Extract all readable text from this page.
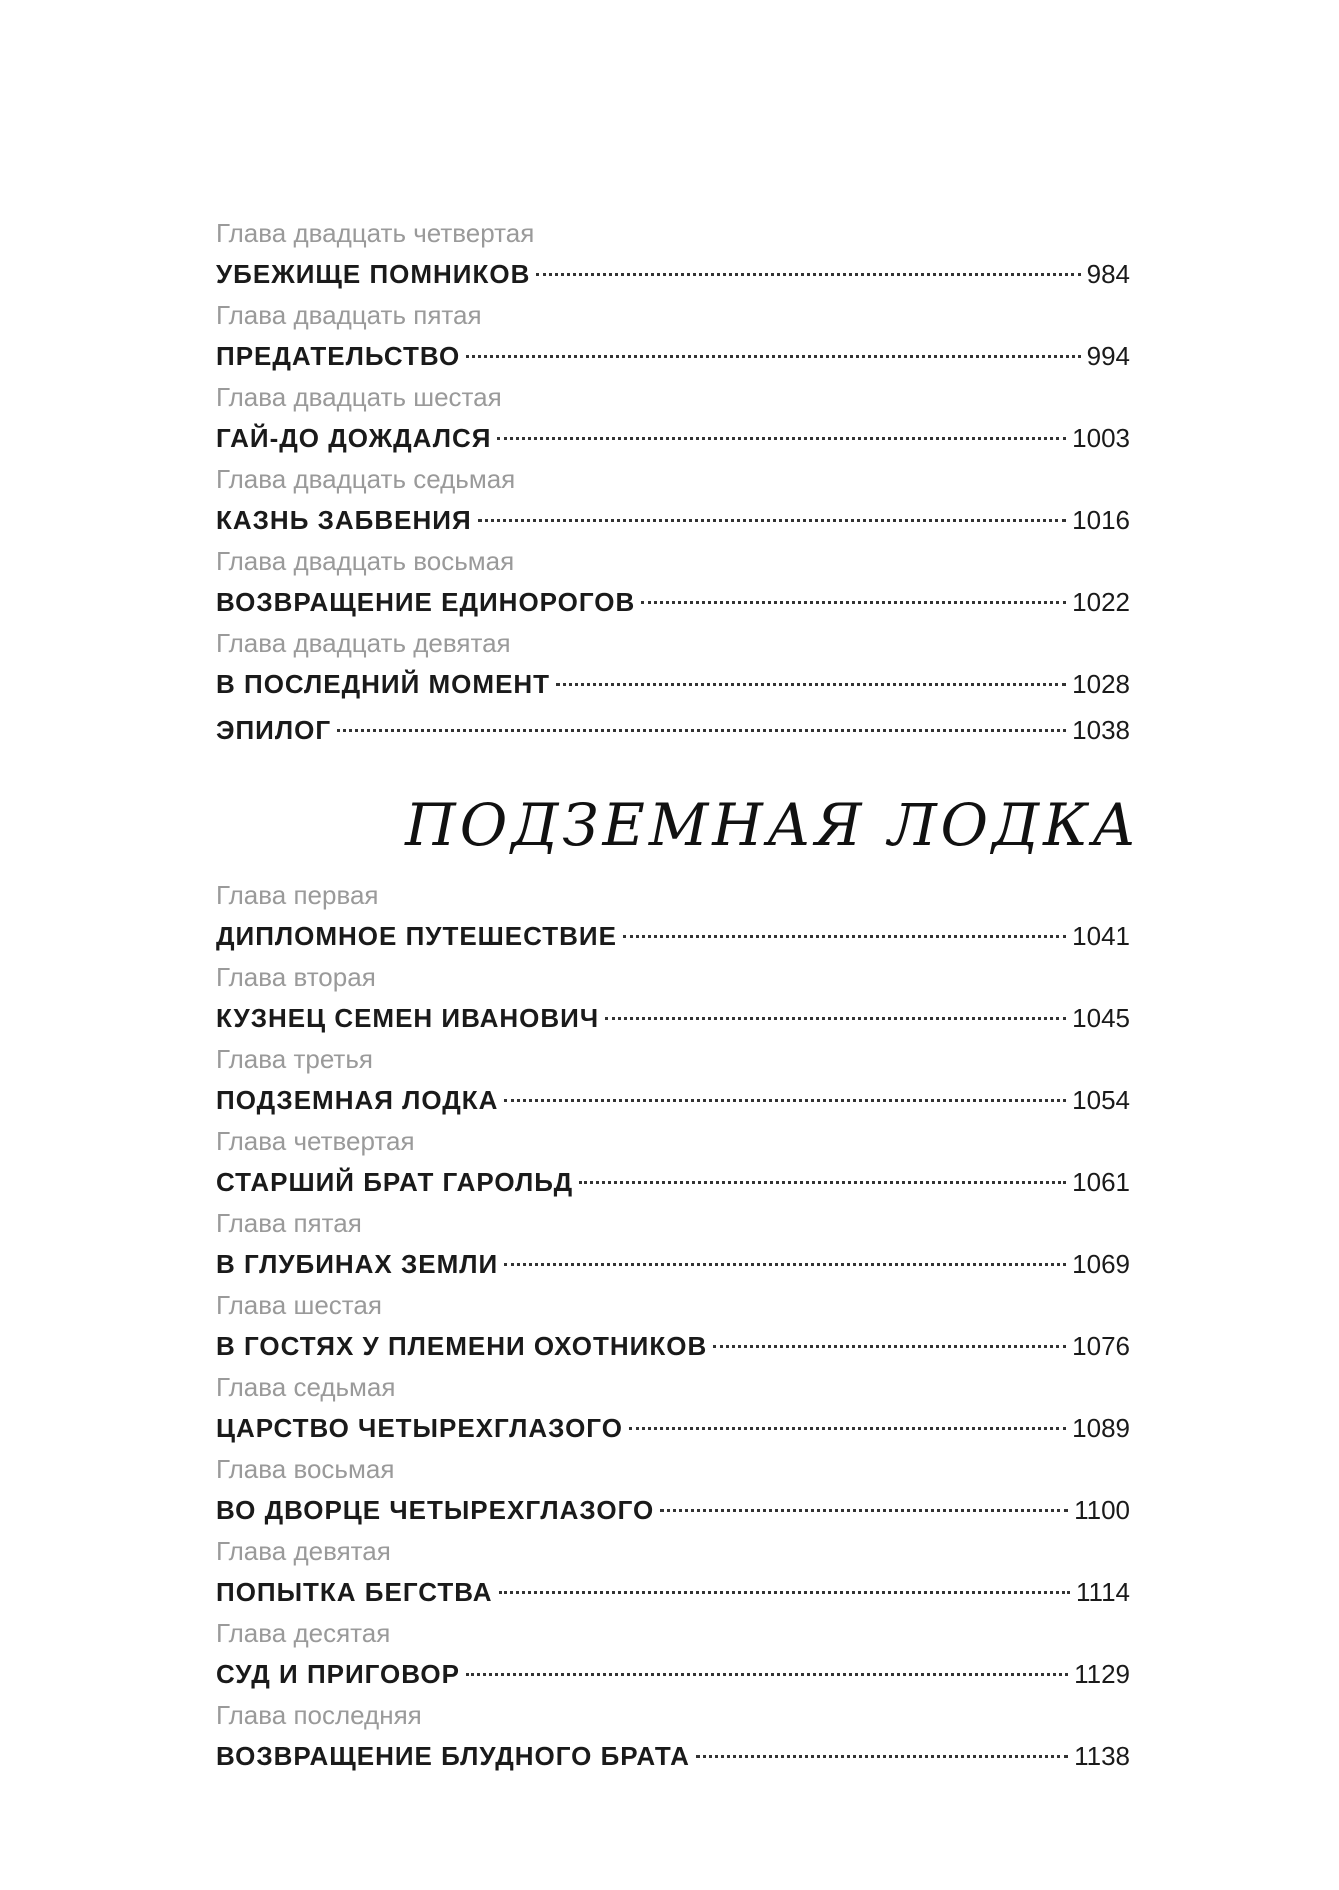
Глава двадцать четвертая
УБЕЖИЩЕ ПОМНИКОВ	984
Глава двадцать пятая
ПРЕДАТЕЛЬСТВО	994
Глава двадцать шестая
ГАЙ-ДО ДОЖДАЛСЯ	1003
Глава двадцать седьмая
КАЗНЬ ЗАБВЕНИЯ	1016
Глава двадцать восьмая
ВОЗВРАЩЕНИЕ ЕДИНОРОГОВ	1022
Глава двадцать девятая
В ПОСЛЕДНИЙ МОМЕНТ	1028
ЭПИЛОГ	1038
ПОДЗЕМНАЯ ЛОДКА
Глава первая
ДИПЛОМНОЕ ПУТЕШЕСТВИЕ	1041
Глава вторая
КУЗНЕЦ СЕМЕН ИВАНОВИЧ	1045
Глава третья
ПОДЗЕМНАЯ ЛОДКА	1054
Глава четвертая
СТАРШИЙ БРАТ ГАРОЛЬД	1061
Глава пятая
В ГЛУБИНАХ ЗЕМЛИ	1069
Глава шестая
В ГОСТЯХ У ПЛЕМЕНИ ОХОТНИКОВ	1076
Глава седьмая
ЦАРСТВО ЧЕТЫРЕХГЛАЗОГО	1089
Глава восьмая
ВО ДВОРЦЕ ЧЕТЫРЕХГЛАЗОГО	1100
Глава девятая
ПОПЫТКА БЕГСТВА	1114
Глава десятая
СУД И ПРИГОВОР	1129
Глава последняя
ВОЗВРАЩЕНИЕ БЛУДНОГО БРАТА	1138
